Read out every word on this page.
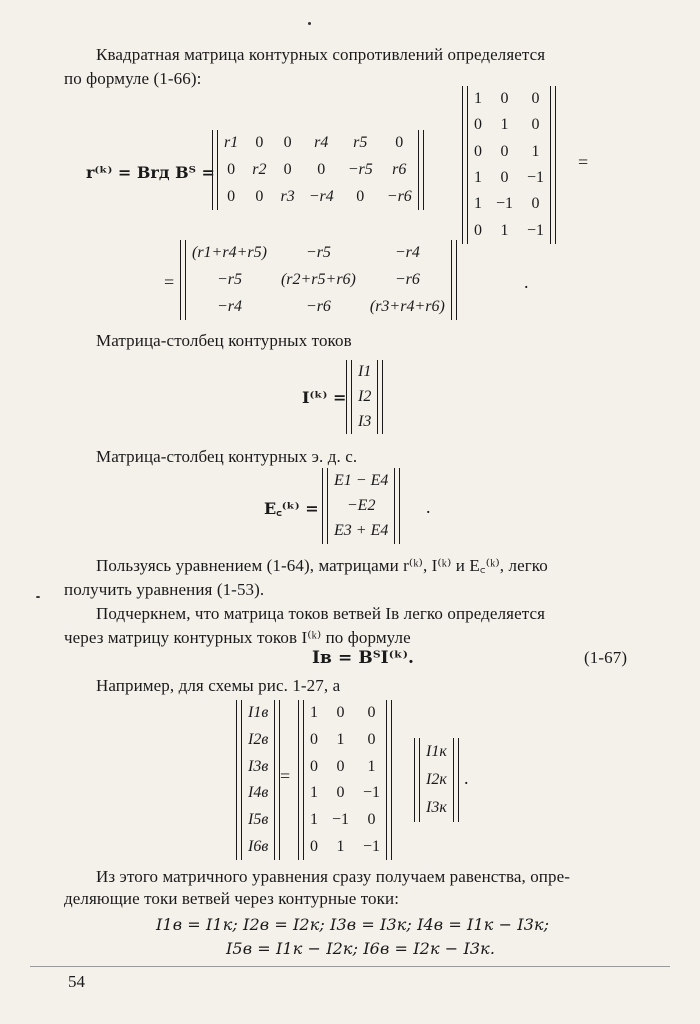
Квадратная матрица контурных сопротивлений определяется
по формуле (1-66):
r⁽ᵏ⁾ = Brд Bᵀ =
r1 0 0	r4	r5	0
0 r2 0	0	−r5	r6
0 0 r3 −r4	0	−r6
1 0 0
0 1 0
0 0 1
1 0 −1
1 −1 0
0 1 −1
=
=
(r1+r4+r5)	−r5	−r4
−r5	(r2+r5+r6)	−r6
−r4	−r6	(r3+r4+r6)
.
Матрица-столбец контурных токов
I⁽ᵏ⁾ =
I1
I2
I3
Матрица-столбец контурных э. д. с.
E꜀⁽ᵏ⁾ =
E1 − E4
−E2
E3 + E4
.
Пользуясь уравнением (1-64), матрицами r⁽ᵏ⁾, I⁽ᵏ⁾ и E꜀⁽ᵏ⁾, легко
получить уравнения (1-53).
Подчеркнем, что матрица токов ветвей Iв легко определяется
через матрицу контурных токов I⁽ᵏ⁾ по формуле
Iв = BᵀI⁽ᵏ⁾.	(1-67)
Например, для схемы рис. 1-27, a
I1в
I2в
I3в
I4в
I5в
I6в
=
1 0 0
0 1 0
0 0 1
1 0 −1
1 −1 0
0 1 −1
I1к
I2к
I3к
.
Из этого матричного уравнения сразу получаем равенства, опре-
деляющие токи ветвей через контурные токи:
I1в = I1к; I2в = I2к; I3в = I3к; I4в = I1к − I3к;
I5в = I1к − I2к; I6в = I2к − I3к.
54
